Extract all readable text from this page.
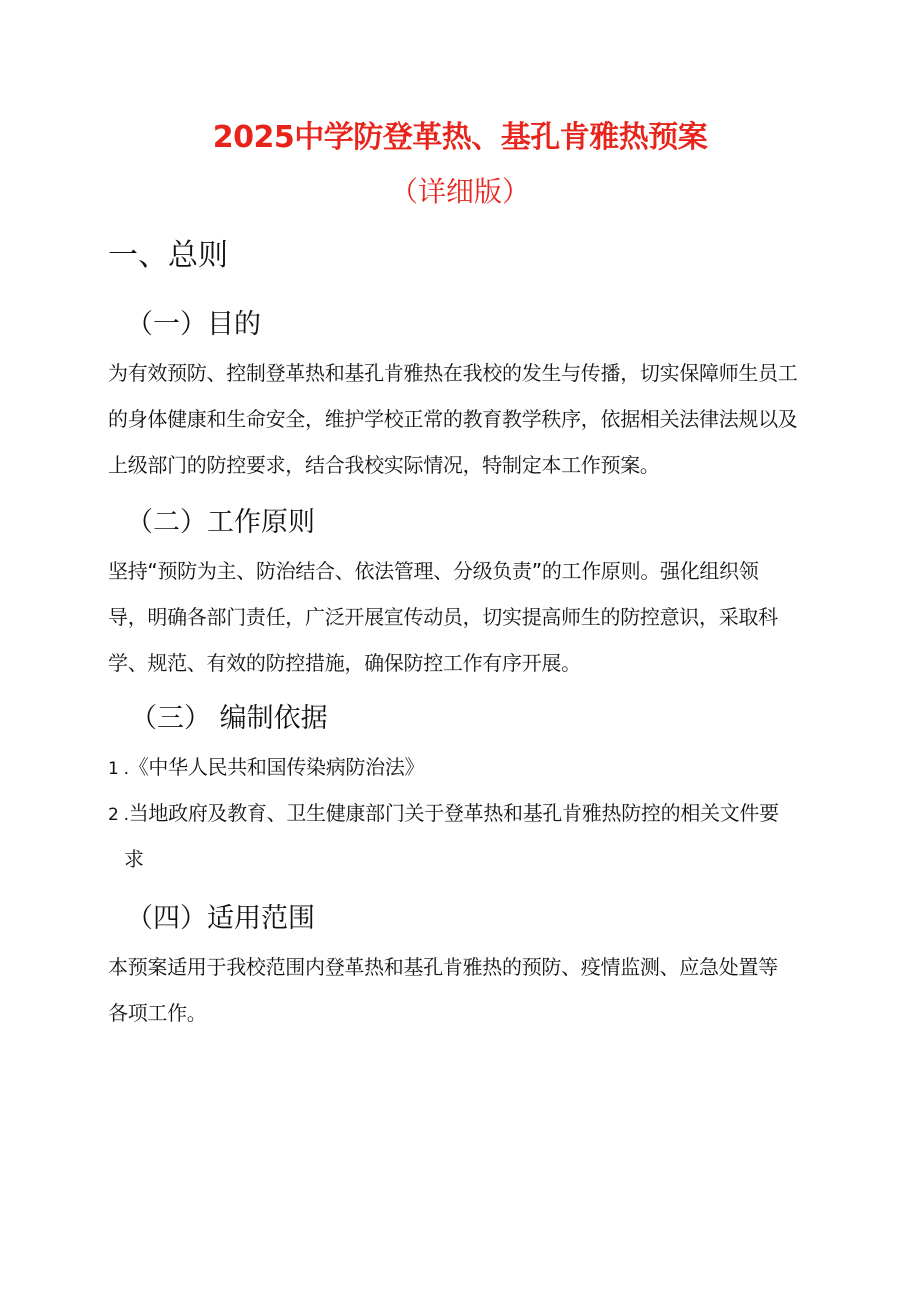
2025中学防登革热、基孔肯雅热预案
（详细版）
一、总则
（一）目的
为有效预防、控制登革热和基孔肯雅热在我校的发生与传播，切实保障师生员工
的身体健康和生命安全，维护学校正常的教育教学秩序，依据相关法律法规以及
上级部门的防控要求，结合我校实际情况，特制定本工作预案。
（二）工作原则
坚持“预防为主、防治结合、依法管理、分级负责”的工作原则。强化组织领
导，明确各部门责任，广泛开展宣传动员，切实提高师生的防控意识，采取科
学、规范、有效的防控措施，确保防控工作有序开展。
（三） 编制依据
1 .《中华人民共和国传染病防治法》
2 .当地政府及教育、卫生健康部门关于登革热和基孔肯雅热防控的相关文件要
求
（四）适用范围
本预案适用于我校范围内登革热和基孔肯雅热的预防、疫情监测、应急处置等
各项工作。
